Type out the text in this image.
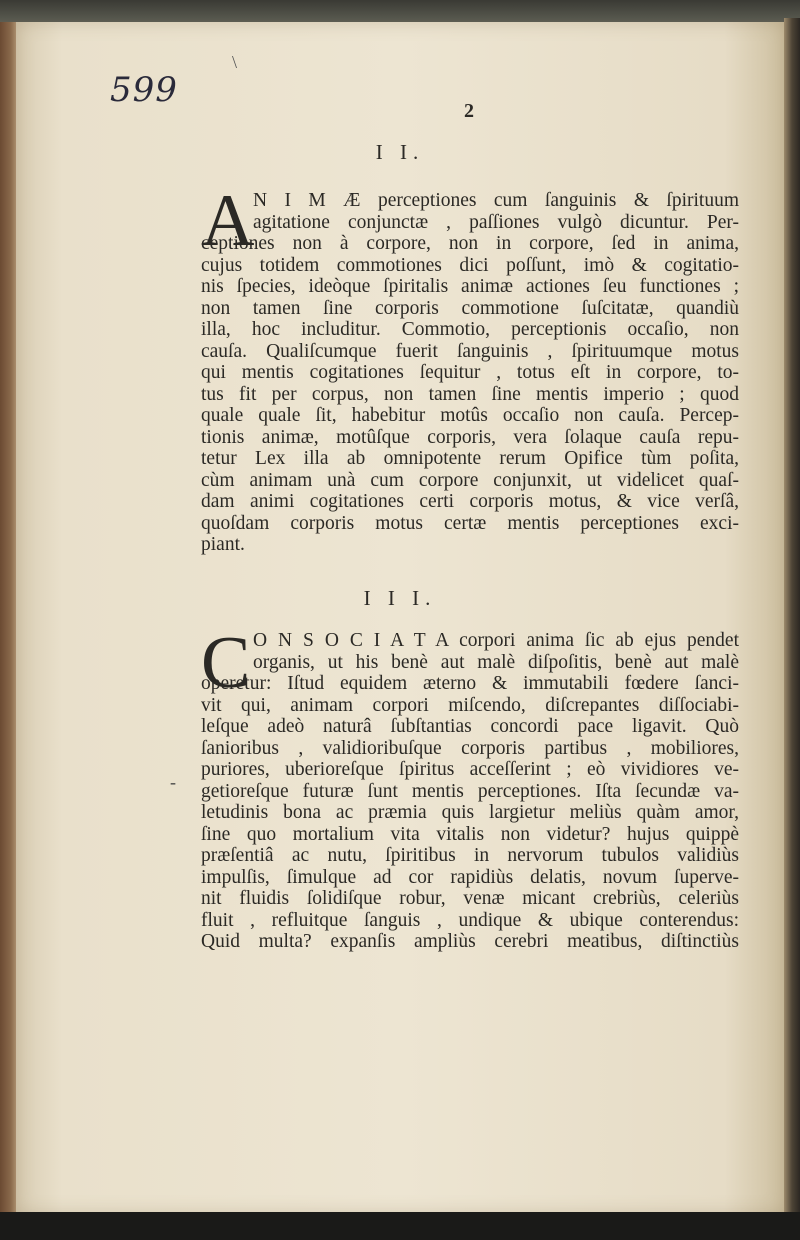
599
\
2
I I.
A
N I M Æ perceptiones cum ſanguinis & ſpirituum
agitatione conjunctæ , paſſiones vulgò dicuntur. Per-
ceptiones non à corpore, non in corpore, ſed in anima,
cujus totidem commotiones dici poſſunt, imò & cogitatio-
nis ſpecies, ideòque ſpiritalis animæ actiones ſeu functiones ;
non tamen ſine corporis commotione ſuſcitatæ, quandiù
illa, hoc includitur. Commotio, perceptionis occaſio, non
cauſa. Qualiſcumque fuerit ſanguinis , ſpirituumque motus
qui mentis cogitationes ſequitur , totus eſt in corpore, to-
tus fit per corpus, non tamen ſine mentis imperio ; quod
quale quale ſit, habebitur motûs occaſio non cauſa. Percep-
tionis animæ, motûſque corporis, vera ſolaque cauſa repu-
tetur Lex illa ab omnipotente rerum Opifice tùm poſita,
cùm animam unà cum corpore conjunxit, ut videlicet quaſ-
dam animi cogitationes certi corporis motus, & vice verſâ,
quoſdam corporis motus certæ mentis perceptiones exci-
piant.
I I I.
C
-
O N S O C I A T A corpori anima ſic ab ejus pendet
organis, ut his benè aut malè diſpoſitis, benè aut malè
operetur: Iſtud equidem æterno & immutabili fœdere ſanci-
vit qui, animam corpori miſcendo, diſcrepantes diſſociabi-
leſque adeò naturâ ſubſtantias concordi pace ligavit. Quò
ſanioribus , validioribuſque corporis partibus , mobiliores,
puriores, uberioreſque ſpiritus acceſſerint ; eò vividiores ve-
getioreſque futuræ ſunt mentis perceptiones. Iſta ſecundæ va-
letudinis bona ac præmia quis largietur meliùs quàm amor,
ſine quo mortalium vita vitalis non videtur? hujus quippè
præſentiâ ac nutu, ſpiritibus in nervorum tubulos validiùs
impulſis, ſimulque ad cor rapidiùs delatis, novum ſuperve-
nit fluidis ſolidiſque robur, venæ micant crebriùs, celeriùs
fluit , refluitque ſanguis , undique & ubique conterendus:
Quid multa? expanſis ampliùs cerebri meatibus, diſtinctiùs
